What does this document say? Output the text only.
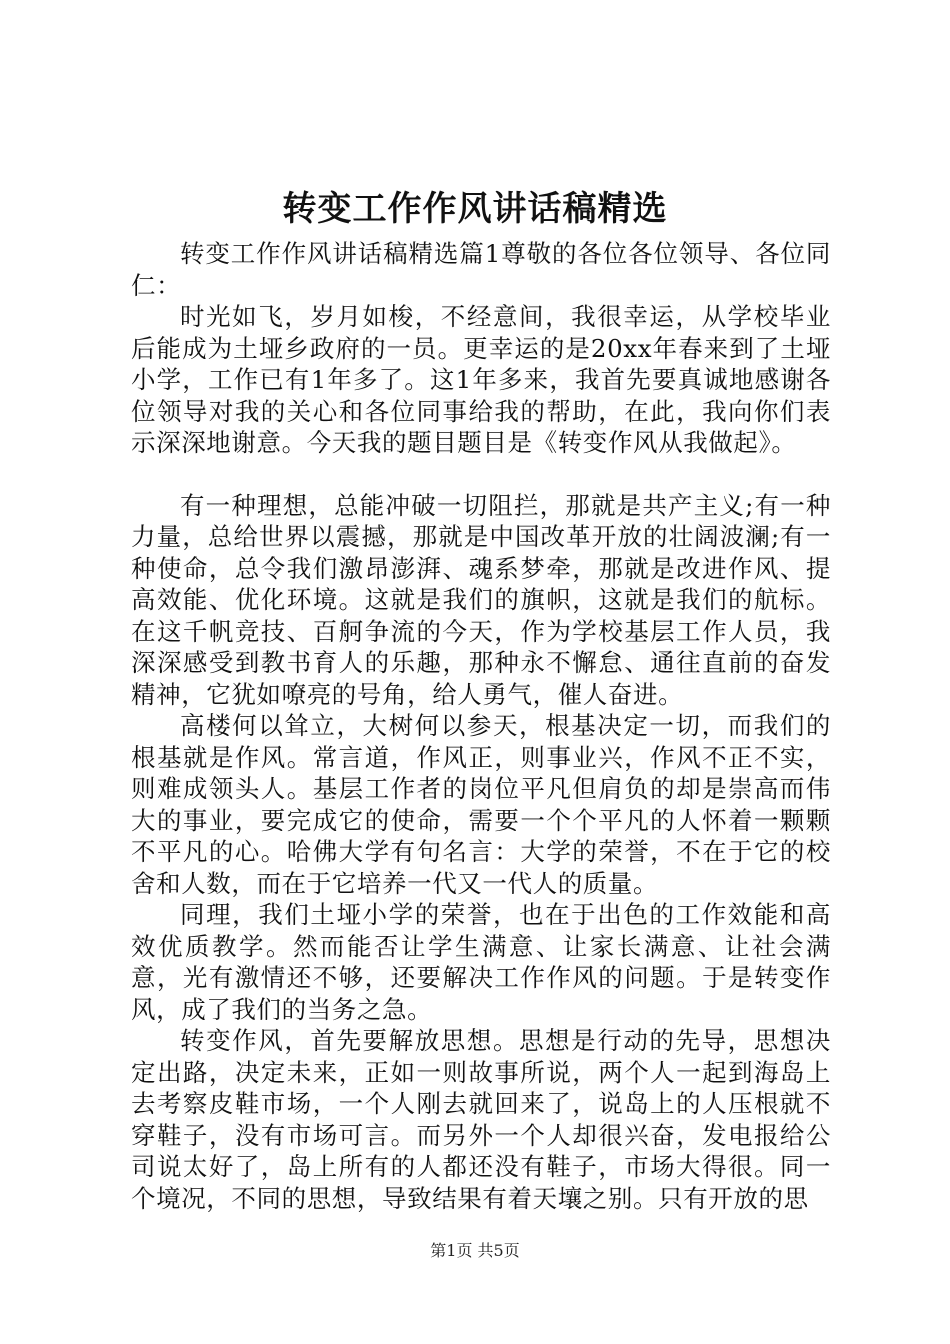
转变工作作风讲话稿精选

转变工作作风讲话稿精选篇1尊敬的各位各位领导、各位同仁：

时光如飞，岁月如梭，不经意间，我很幸运，从学校毕业后能成为土垭乡政府的一员。更幸运的是20xx年春来到了土垭小学，工作已有1年多了。这1年多来，我首先要真诚地感谢各位领导对我的关心和各位同事给我的帮助，在此，我向你们表示深深地谢意。今天我的题目题目是《转变作风从我做起》。

有一种理想，总能冲破一切阻拦，那就是共产主义;有一种力量，总给世界以震撼，那就是中国改革开放的壮阔波澜;有一种使命，总令我们激昂澎湃、魂系梦牵，那就是改进作风、提高效能、优化环境。这就是我们的旗帜，这就是我们的航标。在这千帆竞技、百舸争流的今天，作为学校基层工作人员，我深深感受到教书育人的乐趣，那种永不懈怠、通往直前的奋发精神，它犹如嘹亮的号角，给人勇气，催人奋进。

高楼何以耸立，大树何以参天，根基决定一切，而我们的根基就是作风。常言道，作风正，则事业兴，作风不正不实，则难成领头人。基层工作者的岗位平凡但肩负的却是崇高而伟大的事业，要完成它的使命，需要一个个平凡的人怀着一颗颗不平凡的心。哈佛大学有句名言：大学的荣誉，不在于它的校舍和人数，而在于它培养一代又一代人的质量。

同理，我们土垭小学的荣誉，也在于出色的工作效能和高效优质教学。然而能否让学生满意、让家长满意、让社会满意，光有激情还不够，还要解决工作作风的问题。于是转变作风，成了我们的当务之急。

转变作风，首先要解放思想。思想是行动的先导，思想决定出路，决定未来，正如一则故事所说，两个人一起到海岛上去考察皮鞋市场，一个人刚去就回来了，说岛上的人压根就不穿鞋子，没有市场可言。而另外一个人却很兴奋，发电报给公司说太好了，岛上所有的人都还没有鞋子，市场大得很。同一个境况，不同的思想，导致结果有着天壤之别。只有开放的思

第1页 共5页
